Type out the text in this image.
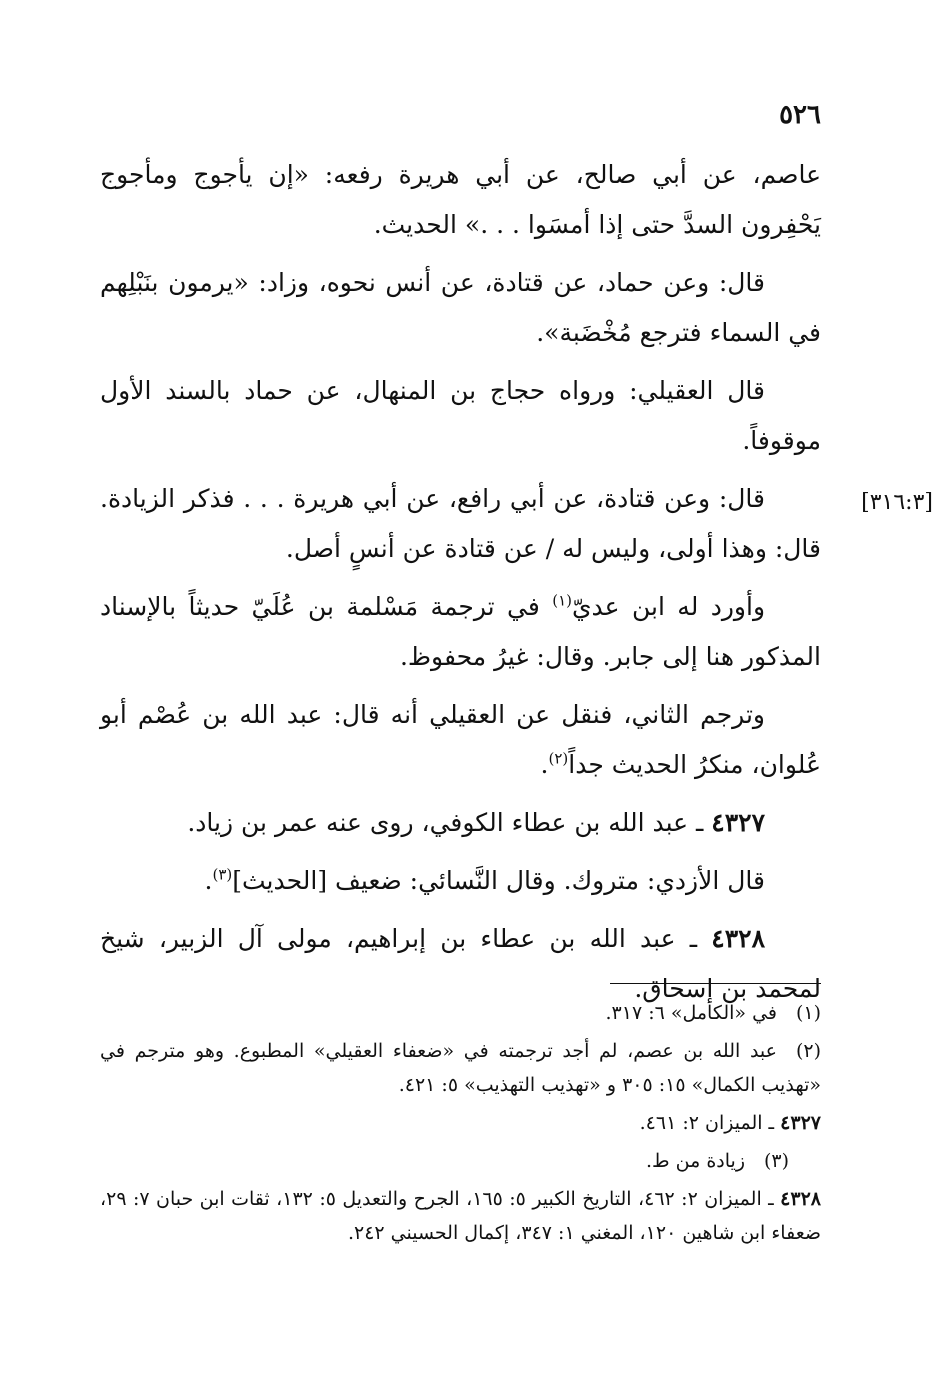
٥٢٦
[٣١٦:٣]

عاصم، عن أبي صالح، عن أبي هريرة رفعه: «إن يأجوج ومأجوج يَحْفِرون السدَّ حتى إذا أمسَوا . . .» الحديث.

قال: وعن حماد، عن قتادة، عن أنس نحوه، وزاد: «يرمون بنَبْلِهم في السماء فترجع مُخْضَبة».

قال العقيلي: ورواه حجاج بن المنهال، عن حماد بالسند الأول موقوفاً.

قال: وعن قتادة، عن أبي رافع، عن أبي هريرة . . . فذكر الزيادة. قال: وهذا أولى، وليس له / عن قتادة عن أنسٍ أصل.

وأورد له ابن عديّ$^{(١)}$ في ترجمة مَسْلمة بن عُلَيّ حديثاً بالإسناد المذكور هنا إلى جابر. وقال: غيرُ محفوظ.

وترجم الثاني، فنقل عن العقيلي أنه قال: عبد الله بن عُصْم أبو عُلوان، منكرُ الحديث جداً$^{(٢)}$.

٤٣٢٧ ـ عبد الله بن عطاء الكوفي، روى عنه عمر بن زياد.

قال الأزدي: متروك. وقال النَّسائي: ضعيف [الحديث]$^{(٣)}$.

٤٣٢٨ ـ عبد الله بن عطاء بن إبراهيم، مولى آل الزبير، شيخ لمحمد بن إسحاق.

(١)في «الكامل» ٦: ٣١٧.

(٢)عبد الله بن عصم، لم أجد ترجمته في «ضعفاء العقيلي» المطبوع. وهو مترجم في «تهذيب الكمال» ١٥: ٣٠٥ و «تهذيب التهذيب» ٥: ٤٢١.

٤٣٢٧ ـ الميزان ٢: ٤٦١.

(٣)زيادة من ط.

٤٣٢٨ ـ الميزان ٢: ٤٦٢، التاريخ الكبير ٥: ١٦٥، الجرح والتعديل ٥: ١٣٢، ثقات ابن حبان ٧: ٢٩، ضعفاء ابن شاهين ١٢٠، المغني ١: ٣٤٧، إكمال الحسيني ٢٤٢.
